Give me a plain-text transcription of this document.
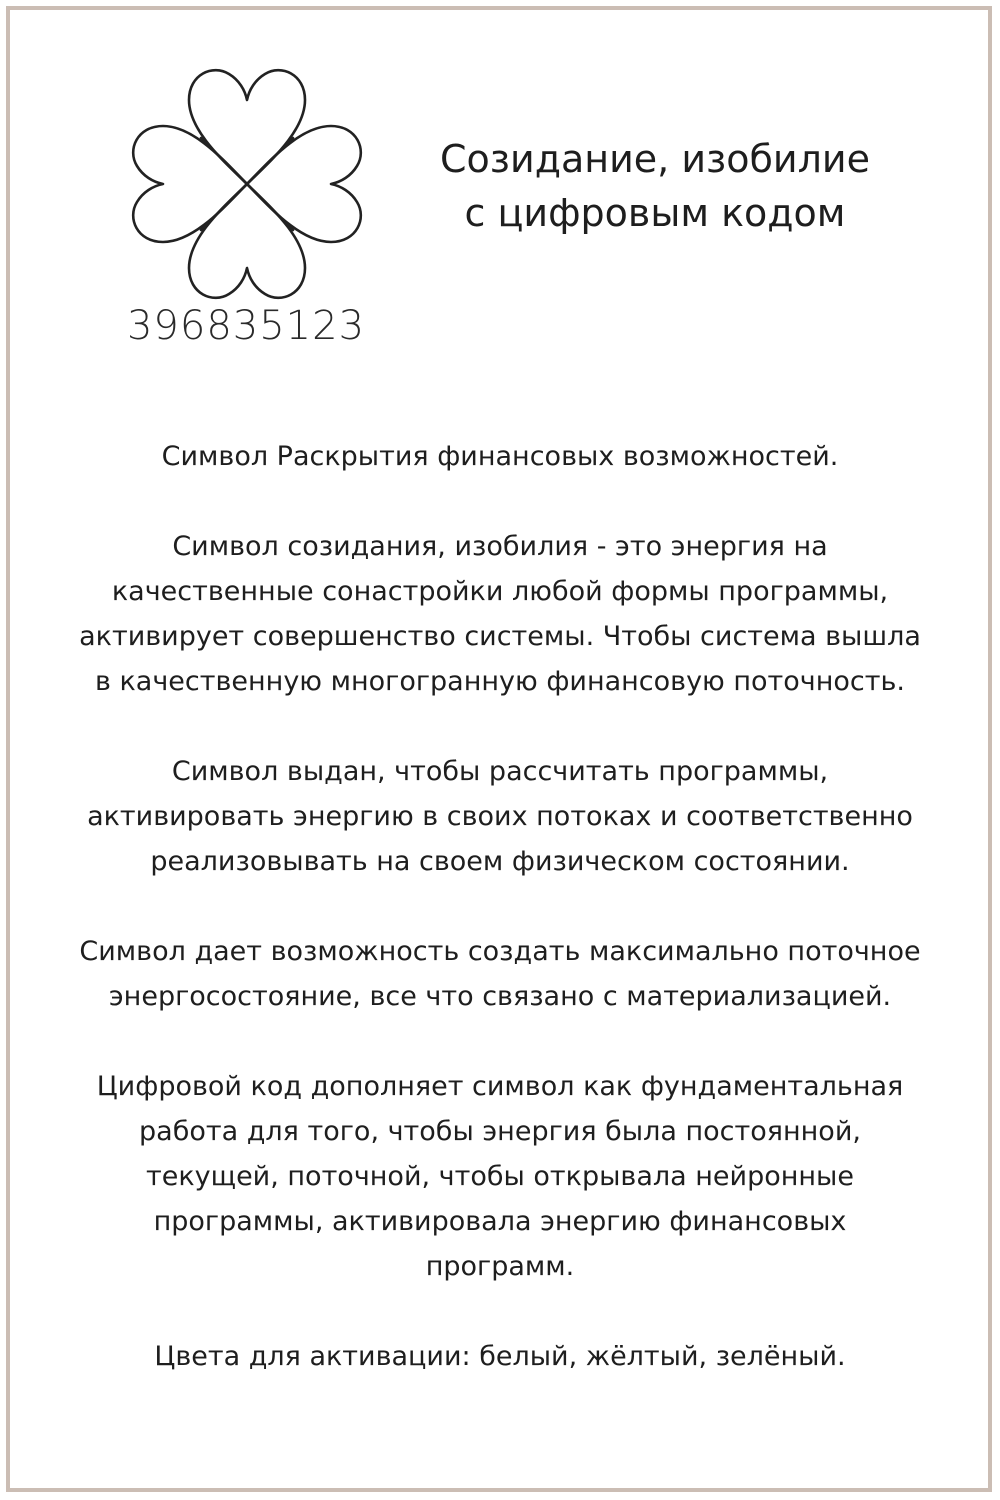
396835123
Созидание, изобилие
с цифровым кодом
Символ Раскрытия финансовых возможностей.
Символ созидания, изобилия - это энергия на
качественные сонастройки любой формы программы,
активирует совершенство системы. Чтобы система вышла
в качественную многогранную финансовую поточность.
Символ выдан, чтобы рассчитать программы,
активировать энергию в своих потоках и соответственно
реализовывать на своем физическом состоянии.
Символ дает возможность создать максимально поточное
энергосостояние, все что связано с материализацией.
Цифровой код дополняет символ как фундаментальная
работа для того, чтобы энергия была постоянной,
текущей, поточной, чтобы открывала нейронные
программы, активировала энергию финансовых
программ.
Цвета для активации: белый, жёлтый, зелёный.
